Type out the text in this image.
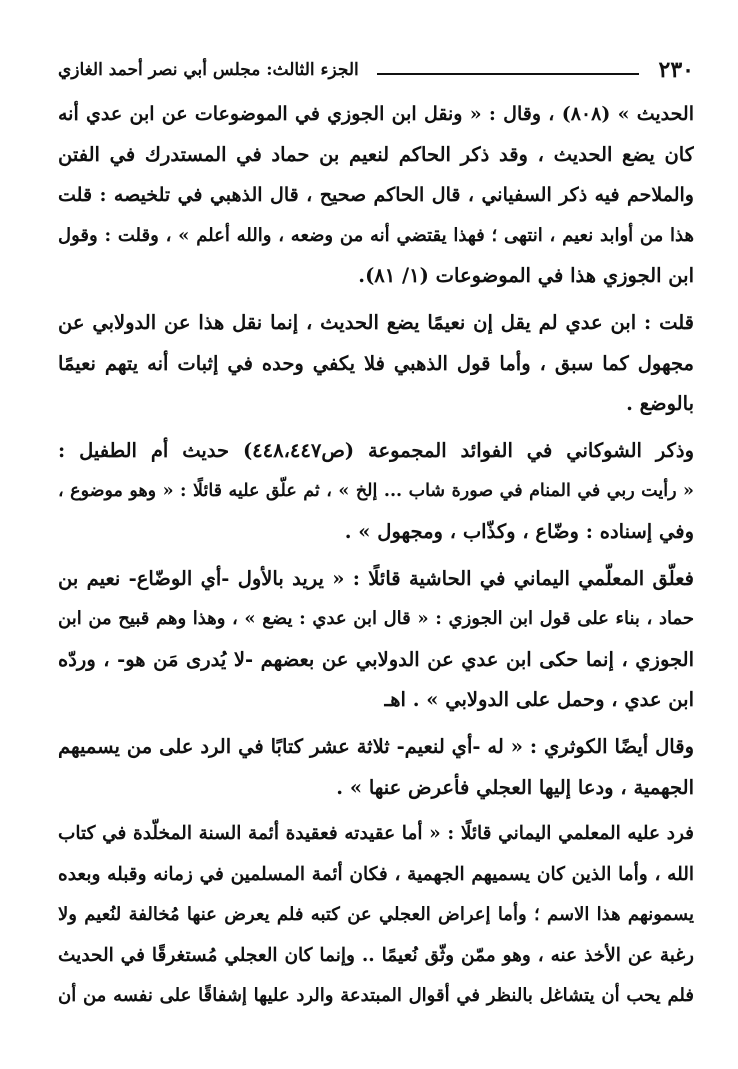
٢٣٠
الجزء الثالث: مجلس أبي نصر أحمد الغازي
الحديث » (٨٠٨) ، وقال : « ونقل ابن الجوزي في الموضوعات عن ابن عدي أنه
كان يضع الحديث ، وقد ذكر الحاكم لنعيم بن حماد في المستدرك في الفتن
والملاحم فيه ذكر السفياني ، قال الحاكم صحيح ، قال الذهبي في تلخيصه : قلت
هذا من أوابد نعيم ، انتهى ؛ فهذا يقتضي أنه من وضعه ، والله أعلم » ، وقلت : وقول
ابن الجوزي هذا في الموضوعات (١/ ٨١).
قلت : ابن عدي لم يقل إن نعيمًا يضع الحديث ، إنما نقل هذا عن الدولابي عن
مجهول كما سبق ، وأما قول الذهبي فلا يكفي وحده في إثبات أنه يتهم نعيمًا
بالوضع .
وذكر الشوكاني في الفوائد المجموعة (ص٤٤٨،٤٤٧) حديث أم الطفيل :
« رأيت ربي في المنام في صورة شاب ... إلخ » ، ثم علّق عليه قائلًا : « وهو موضوع ،
وفي إسناده : وضّاع ، وكذّاب ، ومجهول » .
فعلّق المعلّمي اليماني في الحاشية قائلًا : « يريد بالأول -أي الوضّاع- نعيم بن
حماد ، بناء على قول ابن الجوزي : « قال ابن عدي : يضع » ، وهذا وهم قبيح من ابن
الجوزي ، إنما حكى ابن عدي عن الدولابي عن بعضهم -لا يُدرى مَن هو- ، وردّه
ابن عدي ، وحمل على الدولابي » . اهـ
وقال أيضًا الكوثري : « له -أي لنعيم- ثلاثة عشر كتابًا في الرد على من يسميهم
الجهمية ، ودعا إليها العجلي فأعرض عنها » .
فرد عليه المعلمي اليماني قائلًا : « أما عقيدته فعقيدة أئمة السنة المخلّدة في كتاب
الله ، وأما الذين كان يسميهم الجهمية ، فكان أئمة المسلمين في زمانه وقبله وبعده
يسمونهم هذا الاسم ؛ وأما إعراض العجلي عن كتبه فلم يعرض عنها مُخالفة لنُعيم ولا
رغبة عن الأخذ عنه ، وهو ممّن وثّق نُعيمًا .. وإنما كان العجلي مُستغرقًا في الحديث
فلم يحب أن يتشاغل بالنظر في أقوال المبتدعة والرد عليها إشفاقًا على نفسه من أن
